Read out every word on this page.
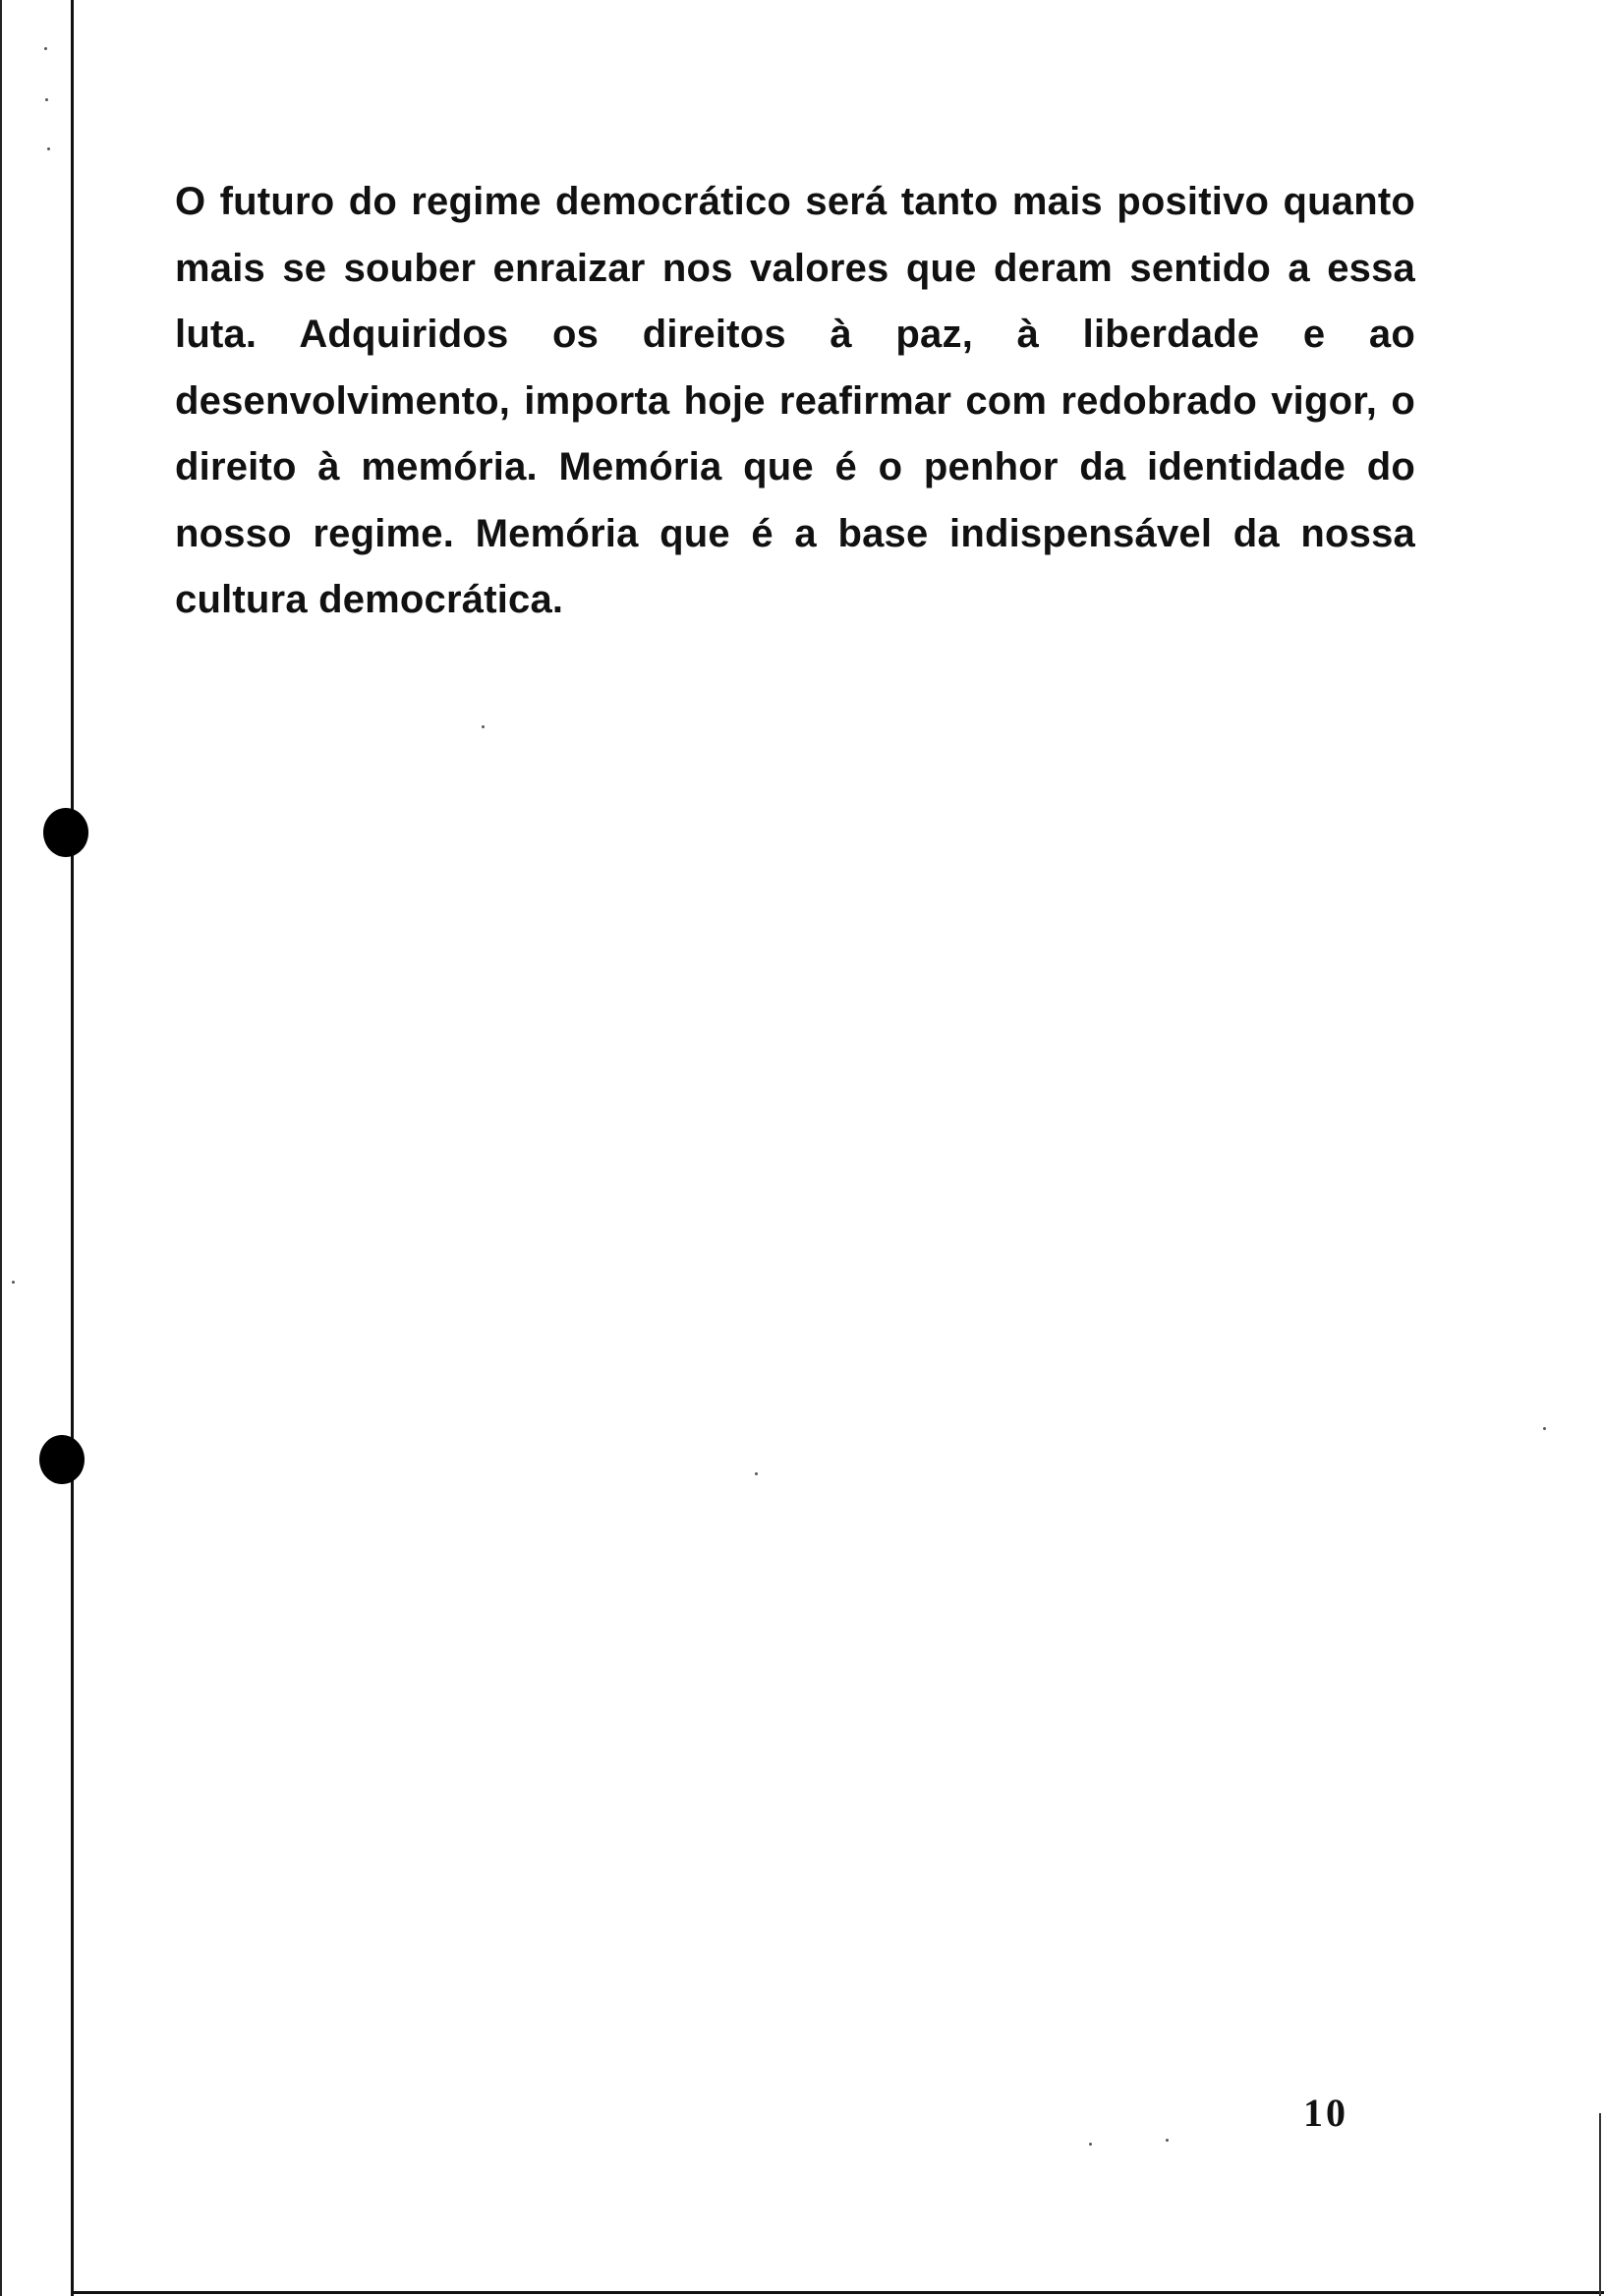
O futuro do regime democrático será tanto mais positivo quanto mais se souber enraizar nos valores que deram sentido a essa luta. Adquiridos os direitos à paz, à liberdade e ao desenvolvimento, importa hoje reafirmar com redobrado vigor, o direito à memória. Memória que é o penhor da identidade do nosso regime. Memória que é a base indispensável da nossa cultura democrática.

10
